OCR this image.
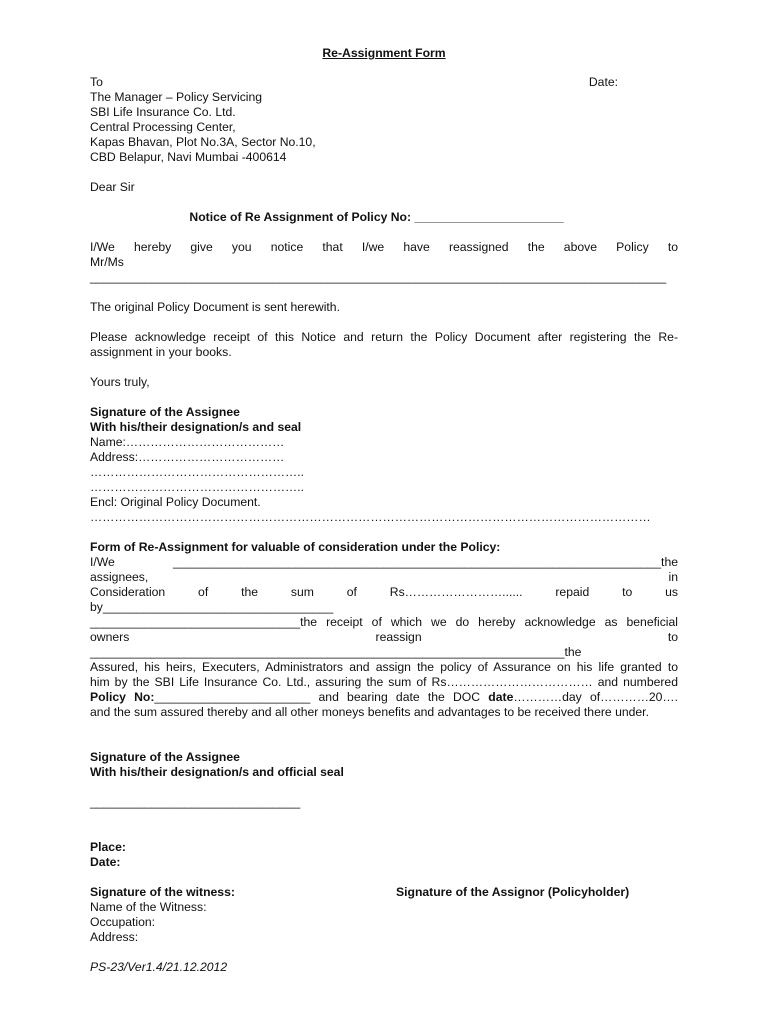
Re-Assignment Form
To	Date:
The Manager – Policy Servicing
SBI Life Insurance Co. Ltd.
Central Processing Center,
Kapas Bhavan, Plot No.3A, Sector No.10,
CBD Belapur, Navi Mumbai -400614
Dear Sir
Notice of Re Assignment of Policy No: ______________________
I/We hereby give you notice that I/we have reassigned the above Policy to
Mr/Ms _____________________________________________________________________________________
The original Policy Document is sent herewith.
Please acknowledge receipt of this Notice and return the Policy Document after registering the Re-assignment in your books.
Yours truly,
Signature of the Assignee
With his/their designation/s and seal
Name:…………………………………
Address:………………………………
……………………………………………..
……………………………………………..
Encl: Original Policy Document.
…………………………………………………………………………………………………………………………
Form of Re-Assignment for valuable of consideration under the Policy:
I/We ________________________________________________________________________the assignees, in
Consideration of the sum of Rs……………………...... repaid to us by__________________________________
_______________________________the receipt of which we do hereby acknowledge as beneficial
owners reassign to ______________________________________________________________________the
Assured, his heirs, Executers, Administrators and assign the policy of Assurance on his life granted to
him by the SBI Life Insurance Co. Ltd., assuring the sum of Rs……………………………… and numbered
Policy No:_______________________ and bearing date the DOC date…………day of…………20….
and the sum assured thereby and all other moneys benefits and advantages to be received there under.
Signature of the Assignee
With his/their designation/s and official seal
_______________________________
Place:
Date:
Signature of the witness:
Name of the Witness:
Occupation:
Address:
Signature of the Assignor (Policyholder)
PS-23/Ver1.4/21.12.2012
